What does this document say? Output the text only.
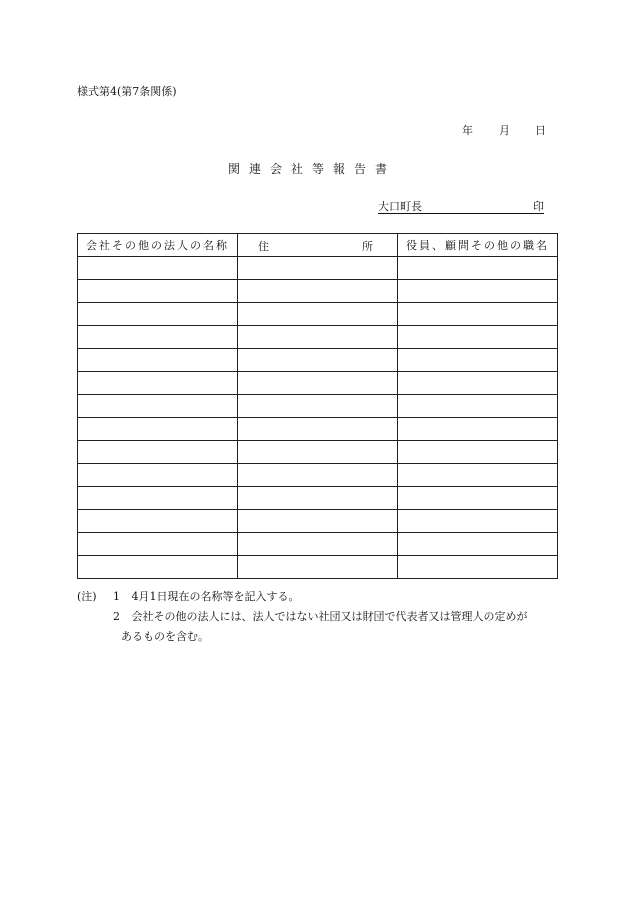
様式第4(第7条関係)
年 月 日
関連会社等報告書
大口町長	印
会社その他の法人の名称	住 所	役員、顧問その他の職名

(注) 1 4月1日現在の名称等を記入する。
2 会社その他の法人には、法人ではない社団又は財団で代表者又は管理人の定めが
あるものを含む。
